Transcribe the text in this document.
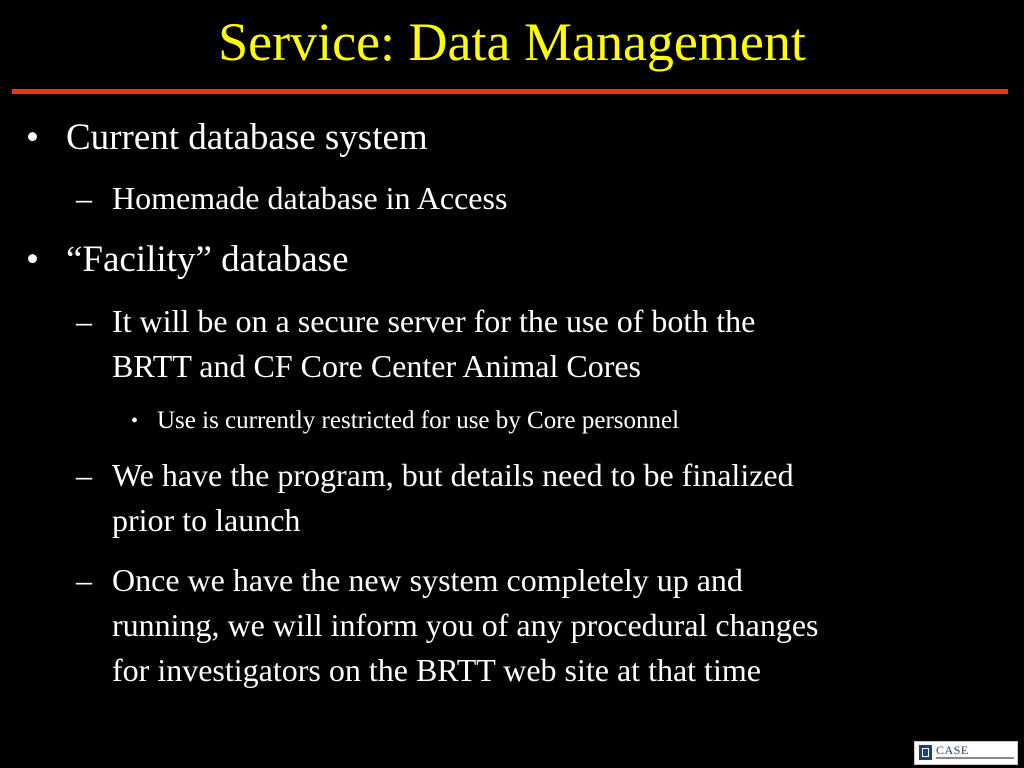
Service: Data Management
• Current database system
– Homemade database in Access
• “Facility” database
– It will be on a secure server for the use of both the
BRTT and CF Core Center Animal Cores
• Use is currently restricted for use by Core personnel
– We have the program, but details need to be finalized
prior to launch
– Once we have the new system completely up and
running, we will inform you of any procedural changes
for investigators on the BRTT web site at that time
CASE
